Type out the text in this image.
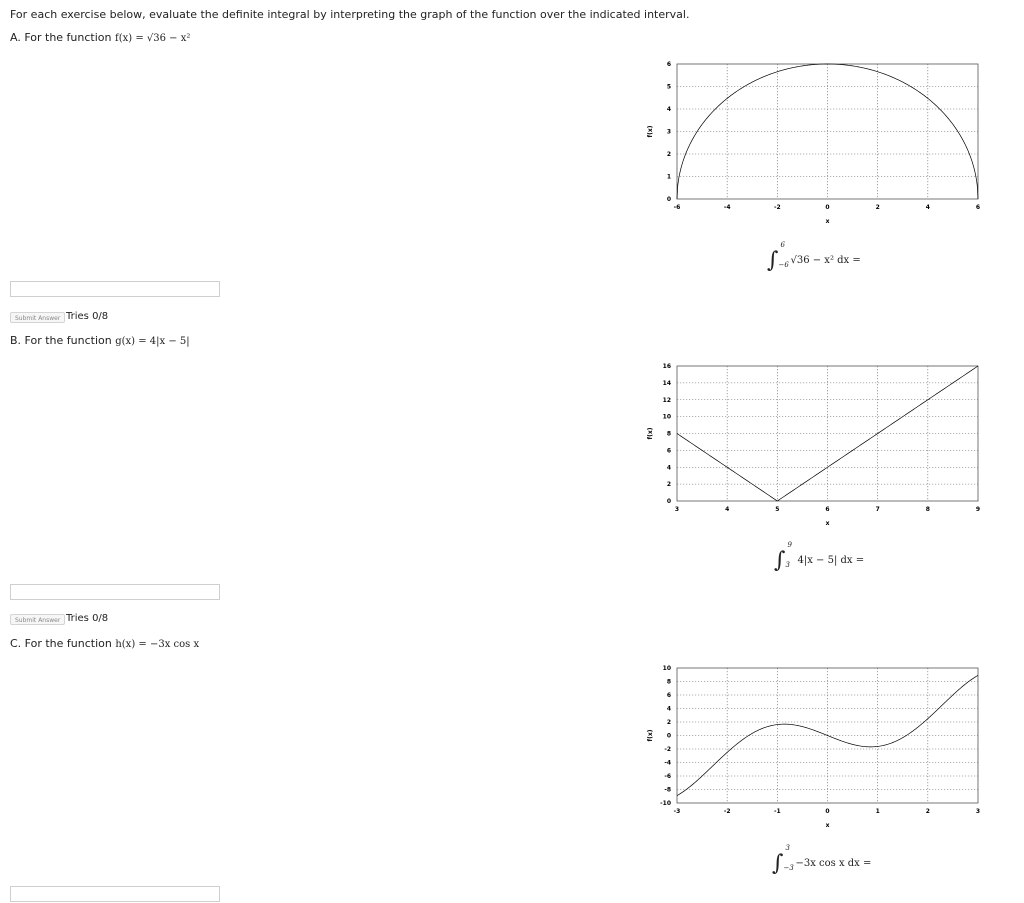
For each exercise below, evaluate the definite integral by interpreting the graph of the function over the indicated interval.
A. For the function f(x) = √36 − x²
-6	-4	-2	0	2	4	6
0
1
2
3
4
5
6
x
f(x)
∫
6
−6 √36 − x² dx =
Submit Answer Tries 0/8
B. For the function g(x) = 4|x − 5|
3	4	5	6	7	8	9
0
2
4
6
8
10
12
14
16
x
f(x)
∫
9
3 4|x − 5| dx =
Submit Answer Tries 0/8
C. For the function h(x) = −3x cos x
-3	-2	-1	0	1	2	3
-10
-8
-6
-4
-2
0
2
4
6
8
10
x
f(x)
∫
3
−3 −3x cos x dx =
